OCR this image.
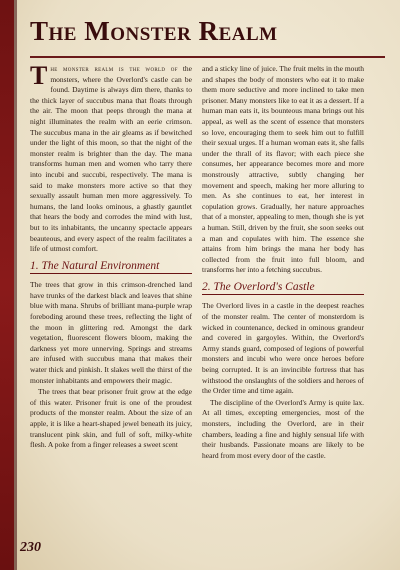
The Monster Realm

The monster realm is the world of the monsters, where the Overlord's castle can be found. Daytime is always dim there, thanks to the thick layer of succubus mana that floats through the air. The moon that peeps through the mana at night illuminates the realm with an eerie crimson. The succubus mana in the air gleams as if bewitched under the light of this moon, so that the night of the monster realm is brighter than the day. The mana transforms human men and women who tarry there into incubi and succubi, respectively. The mana is said to make monsters more active so that they sexually assault human men more aggressively. To humans, the land looks ominous, a ghastly gauntlet that hears the body and corrodes the mind with lust, but to its inhabitants, the uncanny spectacle appears beauteous, and every aspect of the realm facilitates a life of utmost comfort.

1. The Natural Environment

The trees that grow in this crimson-drenched land have trunks of the darkest black and leaves that shine blue with mana. Shrubs of brilliant mana-purple wrap foreboding around these trees, reflecting the light of the moon in glittering red. Amongst the dark vegetation, fluorescent flowers bloom, making the darkness yet more unnerving. Springs and streams are infused with succubus mana that makes their water thick and pinkish. It slakes well the thirst of the monster inhabitants and empowers their magic.

The trees that bear prisoner fruit grow at the edge of this water. Prisoner fruit is one of the proudest products of the monster realm. About the size of an apple, it is like a heart-shaped jewel beneath its juicy, translucent pink skin, and full of soft, milky-white flesh. A poke from a finger releases a sweet scent

and a sticky line of juice. The fruit melts in the mouth and shapes the body of monsters who eat it to make them more seductive and more inclined to take men prisoner. Many monsters like to eat it as a dessert. If a human man eats it, its bounteous mana brings out his appeal, as well as the scent of essence that monsters so love, encouraging them to seek him out to fulfill their sexual urges. If a human woman eats it, she falls under the thrall of its flavor; with each piece she consumes, her appearance becomes more and more monstrously attractive, subtly changing her movement and speech, making her more alluring to men. As she continues to eat, her interest in copulation grows. Gradually, her nature approaches that of a monster, appealing to men, though she is yet a human. Still, driven by the fruit, she soon seeks out a man and copulates with him. The essence she attains from him brings the mana her body has collected from the fruit into full bloom, and transforms her into a fetching succubus.

2. The Overlord's Castle

The Overlord lives in a castle in the deepest reaches of the monster realm. The center of monsterdom is wicked in countenance, decked in ominous grandeur and covered in gargoyles. Within, the Overlord's Army stands guard, composed of legions of powerful monsters and incubi who were once heroes before being corrupted. It is an invincible fortress that has withstood the onslaughts of the soldiers and heroes of the Order time and time again.

The discipline of the Overlord's Army is quite lax. At all times, excepting emergencies, most of the monsters, including the Overlord, are in their chambers, leading a fine and highly sensual life with their husbands. Passionate moans are likely to be heard from most every door of the castle.

230
